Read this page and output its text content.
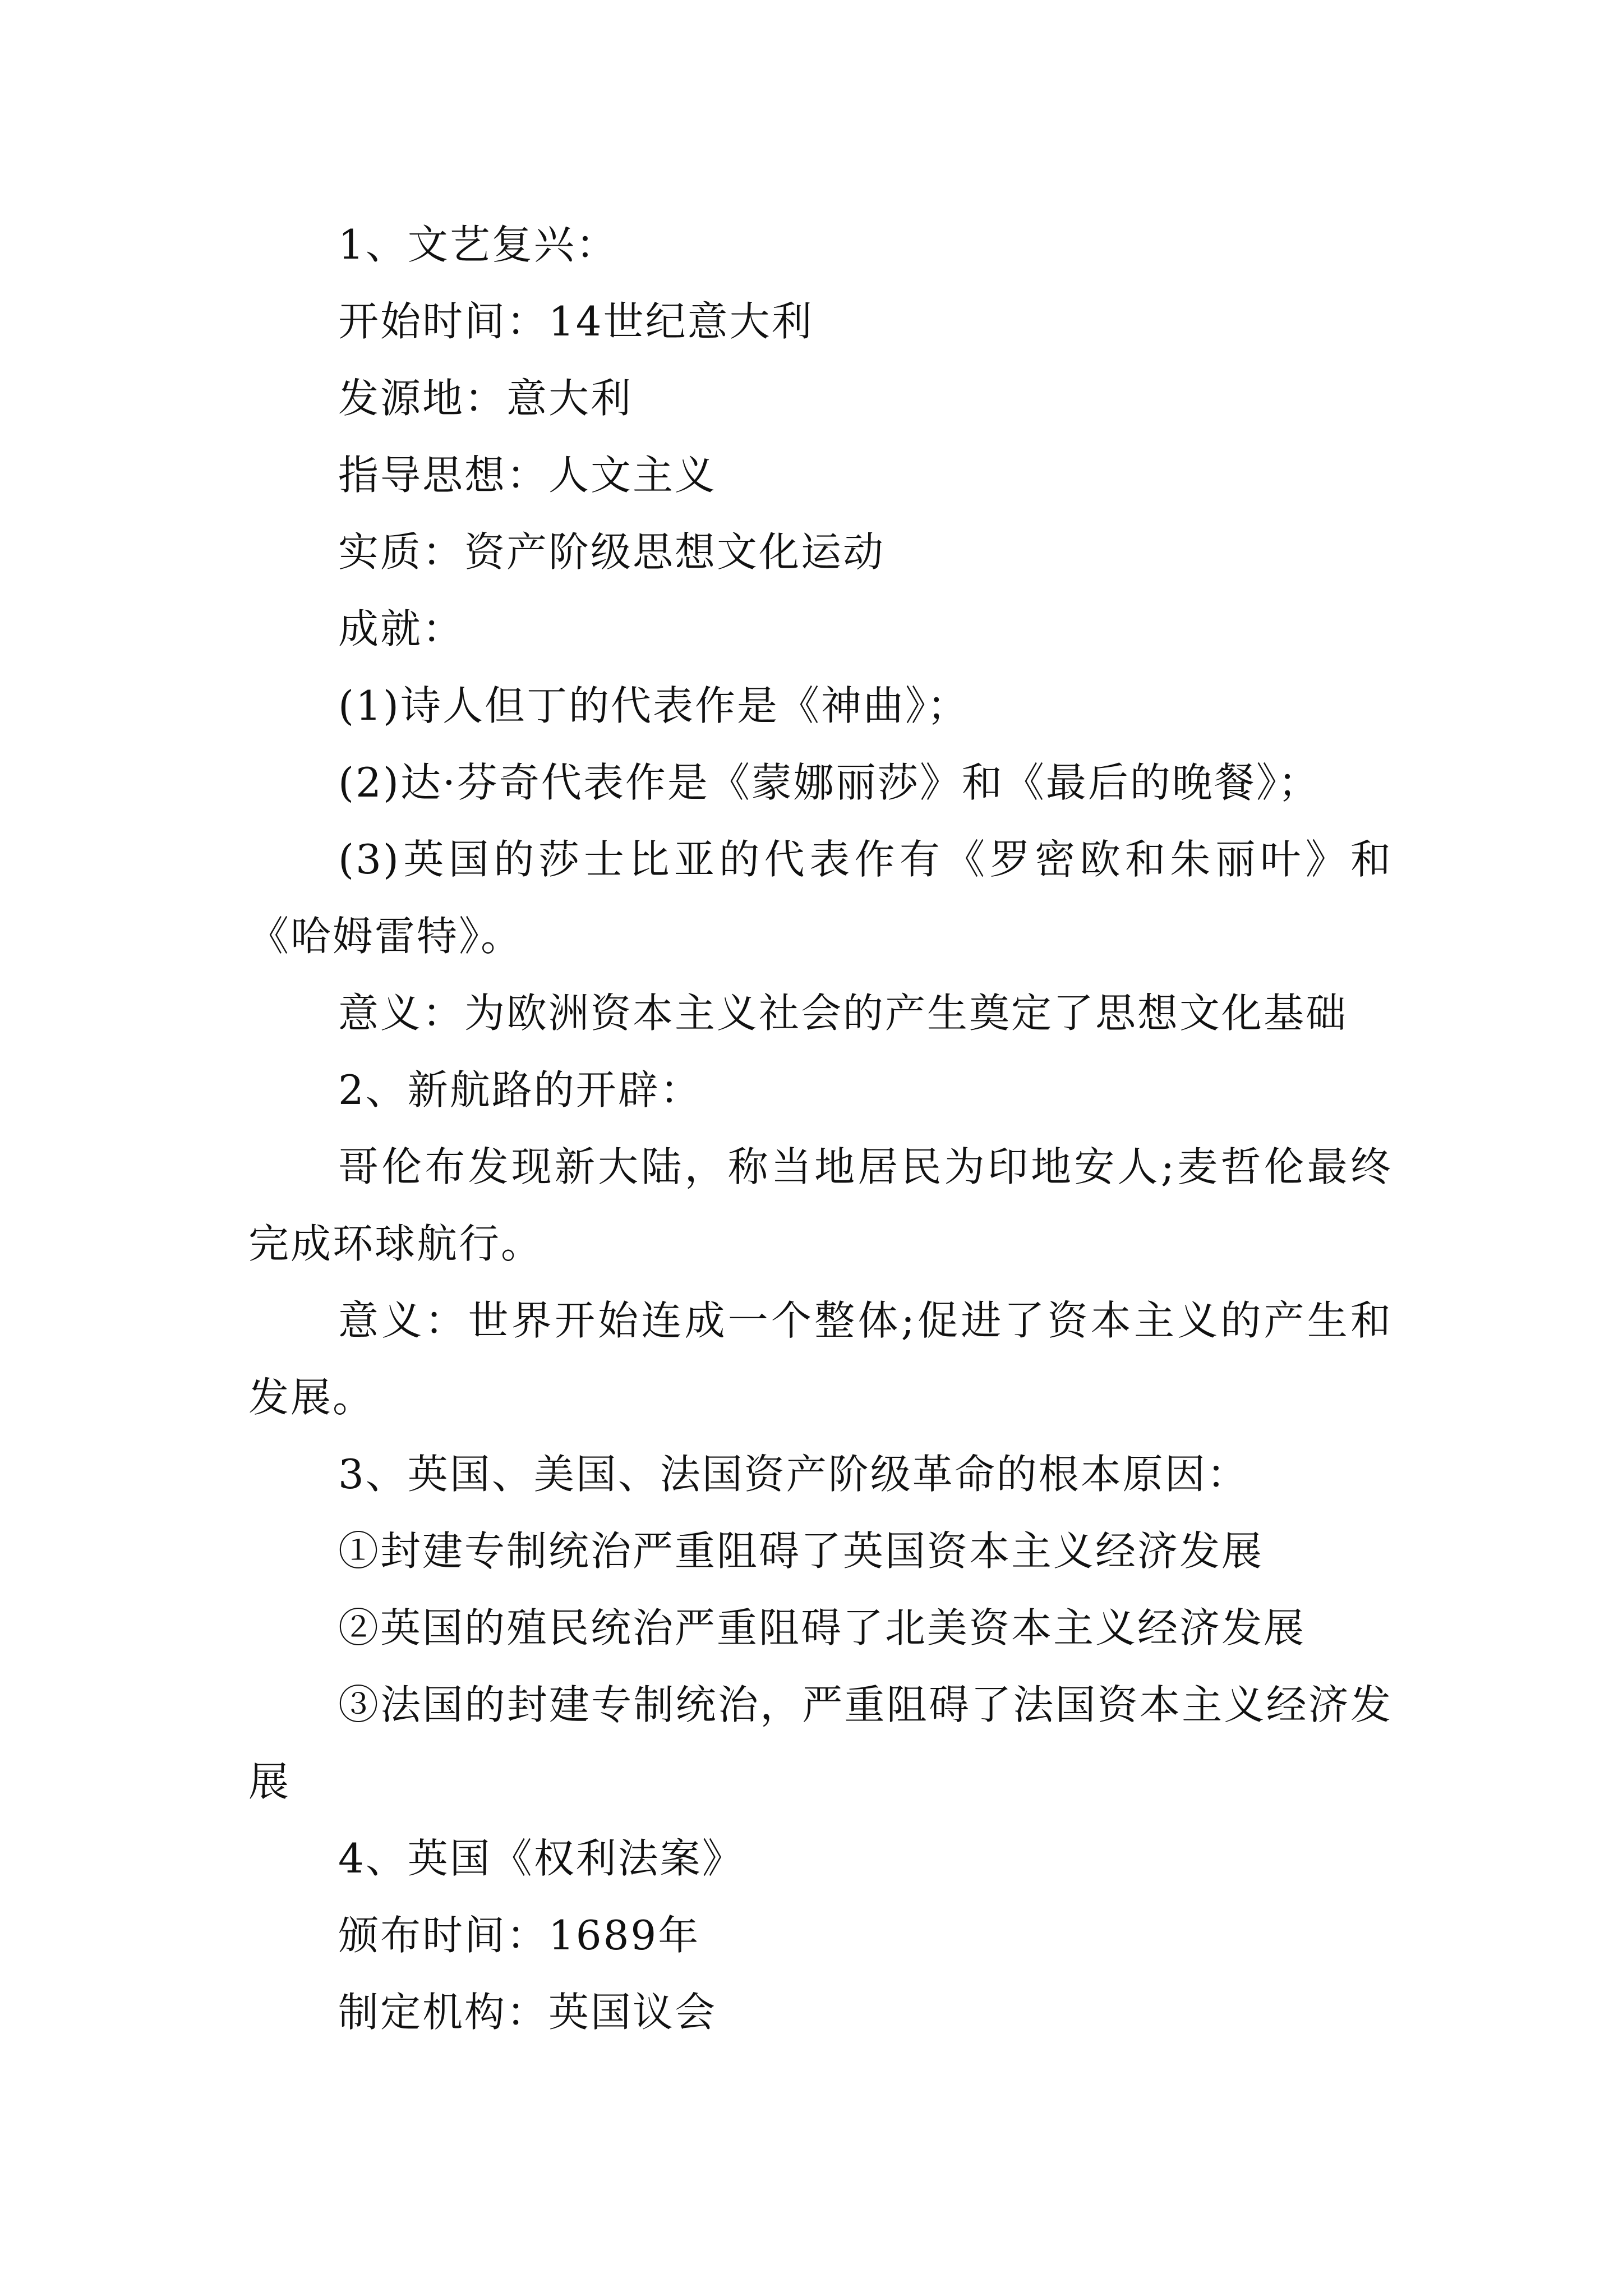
1、文艺复兴：

开始时间：14世纪意大利

发源地：意大利

指导思想：人文主义

实质：资产阶级思想文化运动

成就：

(1)诗人但丁的代表作是《神曲》；

(2)达·芬奇代表作是《蒙娜丽莎》和《最后的晚餐》；

(3)英国的莎士比亚的代表作有《罗密欧和朱丽叶》和《哈姆雷特》。

意义：为欧洲资本主义社会的产生奠定了思想文化基础

2、新航路的开辟：

哥伦布发现新大陆，称当地居民为印地安人;麦哲伦最终完成环球航行。

意义：世界开始连成一个整体;促进了资本主义的产生和发展。

3、英国、美国、法国资产阶级革命的根本原因：

①封建专制统治严重阻碍了英国资本主义经济发展

②英国的殖民统治严重阻碍了北美资本主义经济发展

③法国的封建专制统治，严重阻碍了法国资本主义经济发展

4、英国《权利法案》

颁布时间：1689年

制定机构：英国议会
